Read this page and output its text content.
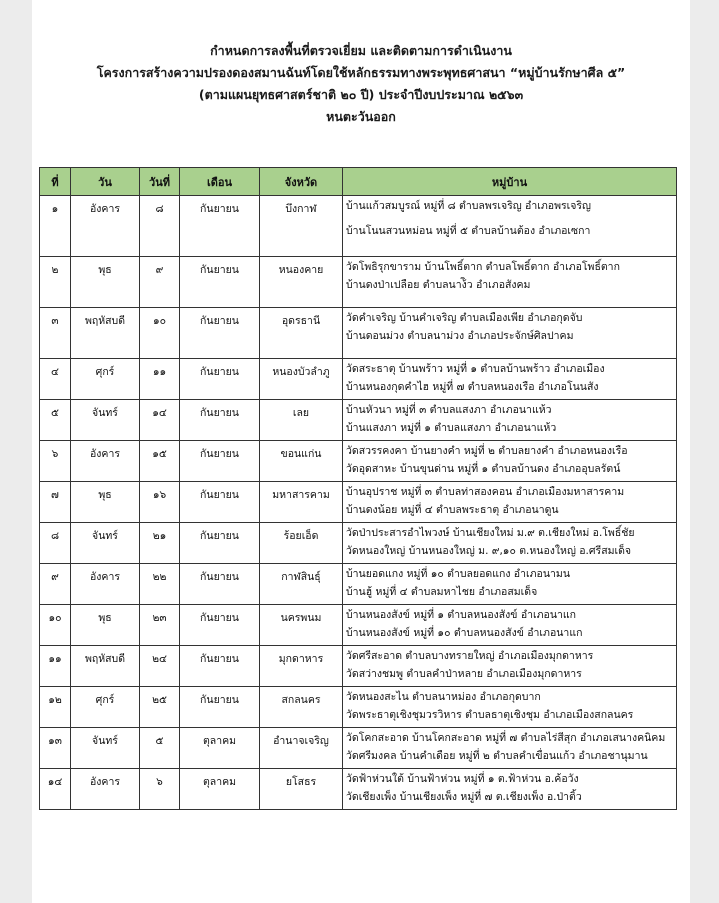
กำหนดการลงพื้นที่ตรวจเยี่ยม และติดตามการดำเนินงาน
โครงการสร้างความปรองดองสมานฉันท์โดยใช้หลักธรรมทางพระพุทธศาสนา “หมู่บ้านรักษาศีล ๕”
(ตามแผนยุทธศาสตร์ชาติ ๒๐ ปี) ประจำปีงบประมาณ ๒๕๖๓
หนตะวันออก
ที่	วัน	วันที่	เดือน	จังหวัด	หมู่บ้าน
๑	อังคาร	๘	กันยายน	บึงกาฬ	บ้านแก้วสมบูรณ์ หมู่ที่ ๘ ตำบลพรเจริญ อำเภอพรเจริญ
บ้านโนนสวนหม่อน หมู่ที่ ๕ ตำบลบ้านต้อง อำเภอเซกา

๒	พุธ	๙	กันยายน	หนองคาย	วัดโพธิรุกขาราม บ้านโพธิ์ตาก ตำบลโพธิ์ตาก อำเภอโพธิ์ตาก
บ้านดงป่าเปลือย ตำบลนาง้ิว อำเภอสังคม

๓	พฤหัสบดี	๑๐	กันยายน	อุดรธานี	วัดคำเจริญ บ้านคำเจริญ ตำบลเมืองเพีย อำเภอกุดจับ
บ้านดอนม่วง ตำบลนาม่วง อำเภอประจักษ์ศิลปาคม

๔	ศุกร์	๑๑	กันยายน	หนองบัวลำภู	วัดสระธาตุ บ้านพร้าว หมู่ที่ ๑ ตำบลบ้านพร้าว อำเภอเมือง
บ้านหนองกุดคำไฮ หมู่ที่ ๗ ตำบลหนองเรือ อำเภอโนนสัง

๕	จันทร์	๑๔	กันยายน	เลย	บ้านหัวนา หมู่ที่ ๓ ตำบลแสงภา อำเภอนาแห้ว
บ้านแสงภา หมู่ที่ ๑ ตำบลแสงภา อำเภอนาแห้ว

๖	อังคาร	๑๕	กันยายน	ขอนแก่น	วัดสวรรคงคา บ้านยางคำ หมู่ที่ ๒ ตำบลยางคำ อำเภอหนองเรือ
วัดอุดสาหะ บ้านขุนด่าน หมู่ที่ ๑ ตำบลบ้านดง อำเภออุบลรัตน์

๗	พุธ	๑๖	กันยายน	มหาสารคาม	บ้านอุปราช หมู่ที่ ๓ ตำบลท่าสองคอน อำเภอเมืองมหาสารคาม
บ้านดงน้อย หมู่ที่ ๔ ตำบลพระธาตุ อำเภอนาดูน

๘	จันทร์	๒๑	กันยายน	ร้อยเอ็ด	วัดป่าประสารอำไพวงษ์ บ้านเชียงใหม่ ม.๙ ต.เชียงใหม่ อ.โพธิ์ชัย
วัดหนองใหญ่ บ้านหนองใหญ่ ม. ๙,๑๐ ต.หนองใหญ่ อ.ศรีสมเด็จ

๙	อังคาร	๒๒	กันยายน	กาฬสินธุ์	บ้านยอดแกง หมู่ที่ ๑๐ ตำบลยอดแกง อำเภอนามน
บ้านฮู้ หมู่ที่ ๔ ตำบลมหาไชย อำเภอสมเด็จ

๑๐	พุธ	๒๓	กันยายน	นครพนม	บ้านหนองสังข์ หมู่ที่ ๑ ตำบลหนองสังข์ อำเภอนาแก
บ้านหนองสังข์ หมู่ที่ ๑๐ ตำบลหนองสังข์ อำเภอนาแก

๑๑	พฤหัสบดี	๒๔	กันยายน	มุกดาหาร	วัดศรีสะอาด ตำบลบางทรายใหญ่ อำเภอเมืองมุกดาหาร
วัดสว่างชมพู ตำบลคำป่าหลาย อำเภอเมืองมุกดาหาร

๑๒	ศุกร์	๒๕	กันยายน	สกลนคร	วัดหนองสะไน ตำบลนาหม่อง อำเภอกุดบาก
วัดพระธาตุเชิงชุมวรวิหาร ตำบลธาตุเชิงชุม อำเภอเมืองสกลนคร

๑๓	จันทร์	๕	ตุลาคม	อำนาจเจริญ	วัดโคกสะอาด บ้านโคกสะอาด หมู่ที่ ๗ ตำบลไร่สีสุก อำเภอเสนางคนิคม
วัดศรีมงคล บ้านคำเดือย หมู่ที่ ๒ ตำบลคำเขื่อนแก้ว อำเภอชานุมาน

๑๔	อังคาร	๖	ตุลาคม	ยโสธร	วัดฟ้าห่วนใต้ บ้านฟ้าห่วน หมู่ที่ ๑ ต.ฟ้าห่วน อ.ค้อวัง
วัดเชียงเพ็ง บ้านเชียงเพ็ง หมู่ที่ ๗ ต.เชียงเพ็ง อ.ป่าติ้ว
